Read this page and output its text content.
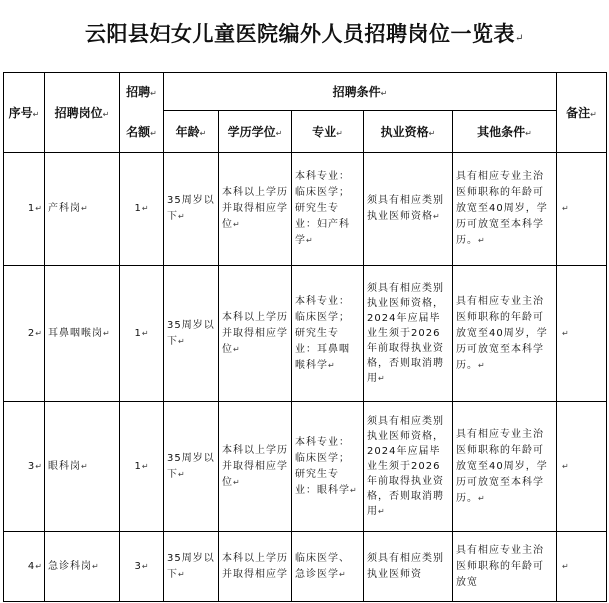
云阳县妇女儿童医院编外人员招聘岗位一览表↵
序号↵	招聘岗位↵	招聘↵	招聘条件↵					备注↵
		名额↵	年龄↵	学历学位↵	专业↵	执业资格↵	其他条件↵	
1↵	产科岗↵	1↵	35周岁以下↵	本科以上学历并取得相应学位↵	本科专业：临床医学；研究生专业：妇产科学↵	须具有相应类别执业医师资格↵	具有相应专业主治医师职称的年龄可放宽至40周岁，学历可放宽至本科学历。↵	↵
2↵	耳鼻咽喉岗↵	1↵	35周岁以下↵	本科以上学历并取得相应学位↵	本科专业：临床医学；研究生专业：耳鼻咽喉科学↵	须具有相应类别执业医师资格，2024年应届毕业生须于2026年前取得执业资格，否则取消聘用↵	具有相应专业主治医师职称的年龄可放宽至40周岁，学历可放宽至本科学历。↵	↵
3↵	眼科岗↵	1↵	35周岁以下↵	本科以上学历并取得相应学位↵	本科专业：临床医学；研究生专业：眼科学↵	须具有相应类别执业医师资格，2024年应届毕业生须于2026年前取得执业资格，否则取消聘用↵	具有相应专业主治医师职称的年龄可放宽至40周岁，学历可放宽至本科学历。↵	↵
4↵	急诊科岗↵	3↵	35周岁以下↵	本科以上学历并取得相应学	临床医学、急诊医学↵	须具有相应类别执业医师资	具有相应专业主治医师职称的年龄可放宽	↵
